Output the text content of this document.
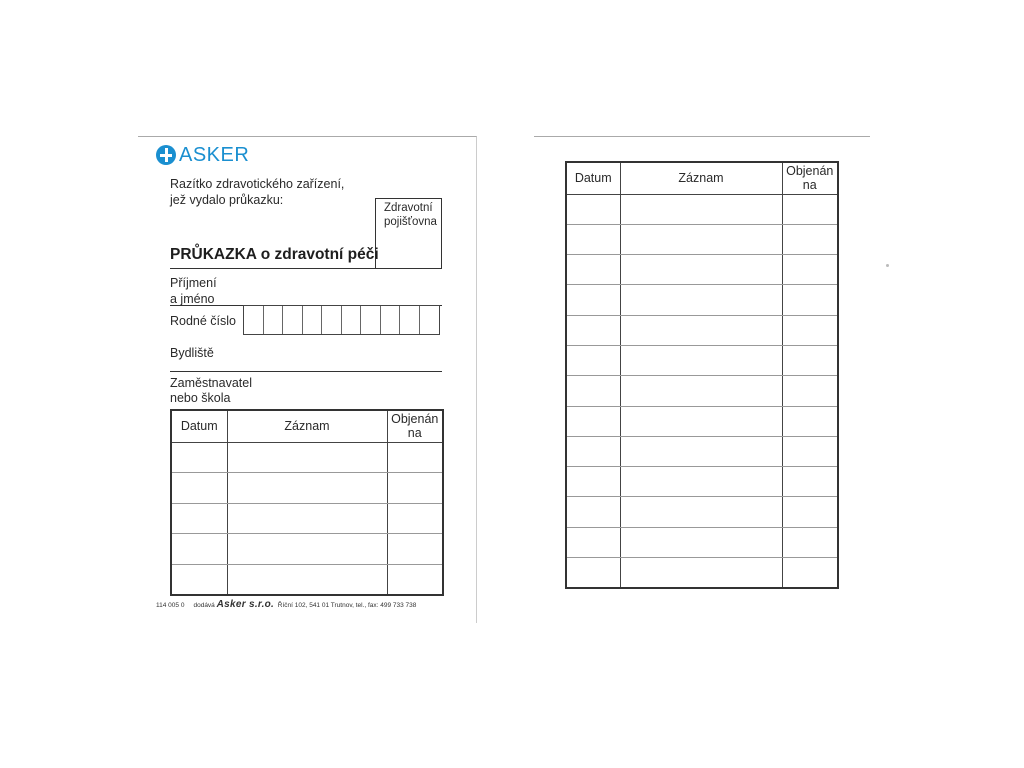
ASKER
Razítko zdravotického zařízení,
jež vydalo průkazku:
Zdravotní
pojišťovna
PRŮKAZKA o zdravotní péči
Příjmení
a jméno
Rodné číslo
Bydliště
Zaměstnavatel
nebo škola
Datum	Záznam	Objenán
na

114 005 0 dodává Asker s.r.o. Říční 102, 541 01 Trutnov, tel., fax: 499 733 738
Datum	Záznam	Objenán
na
